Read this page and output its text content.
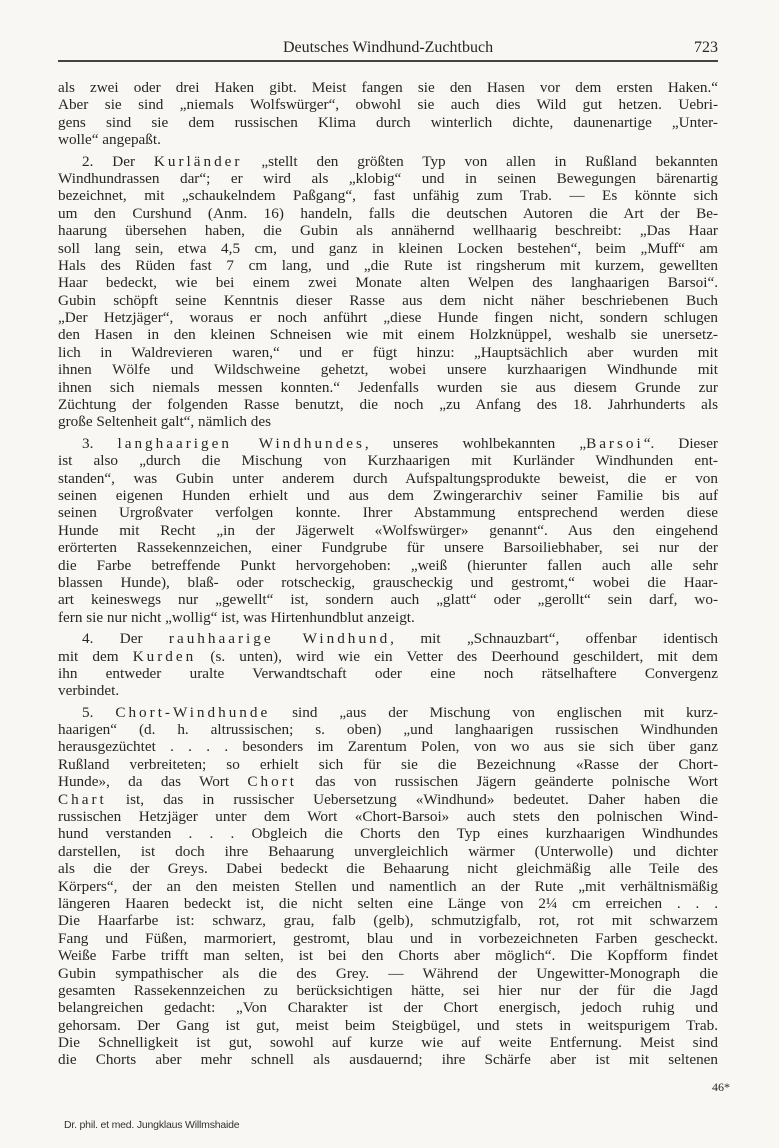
Deutsches Windhund-Zuchtbuch	723
als zwei oder drei Haken gibt. Meist fangen sie den Hasen vor dem ersten Haken.“
Aber sie sind „niemals Wolfswürger“, obwohl sie auch dies Wild gut hetzen. Uebri-
gens sind sie dem russischen Klima durch winterlich dichte, daunenartige „Unter-
wolle“ angepaßt.
2. Der Kurländer „stellt den größten Typ von allen in Rußland bekannten
Windhundrassen dar“; er wird als „klobig“ und in seinen Bewegungen bärenartig
bezeichnet, mit „schaukelndem Paßgang“, fast unfähig zum Trab. — Es könnte sich
um den Curshund (Anm. 16) handeln, falls die deutschen Autoren die Art der Be-
haarung übersehen haben, die Gubin als annähernd wellhaarig beschreibt: „Das Haar
soll lang sein, etwa 4,5 cm, und ganz in kleinen Locken bestehen“, beim „Muff“ am
Hals des Rüden fast 7 cm lang, und „die Rute ist ringsherum mit kurzem, gewellten
Haar bedeckt, wie bei einem zwei Monate alten Welpen des langhaarigen Barsoi“.
Gubin schöpft seine Kenntnis dieser Rasse aus dem nicht näher beschriebenen Buch
„Der Hetzjäger“, woraus er noch anführt „diese Hunde fingen nicht, sondern schlugen
den Hasen in den kleinen Schneisen wie mit einem Holzknüppel, weshalb sie unersetz-
lich in Waldrevieren waren,“ und er fügt hinzu: „Hauptsächlich aber wurden mit
ihnen Wölfe und Wildschweine gehetzt, wobei unsere kurzhaarigen Windhunde mit
ihnen sich niemals messen konnten.“ Jedenfalls wurden sie aus diesem Grunde zur
Züchtung der folgenden Rasse benutzt, die noch „zu Anfang des 18. Jahrhunderts als
große Seltenheit galt“, nämlich des
3. langhaarigen Windhundes, unseres wohlbekannten „Barsoi“. Dieser
ist also „durch die Mischung von Kurzhaarigen mit Kurländer Windhunden ent-
standen“, was Gubin unter anderem durch Aufspaltungsprodukte beweist, die er von
seinen eigenen Hunden erhielt und aus dem Zwingerarchiv seiner Familie bis auf
seinen Urgroßvater verfolgen konnte. Ihrer Abstammung entsprechend werden diese
Hunde mit Recht „in der Jägerwelt «Wolfswürger» genannt“. Aus den eingehend
erörterten Rassekennzeichen, einer Fundgrube für unsere Barsoiliebhaber, sei nur der
die Farbe betreffende Punkt hervorgehoben: „weiß (hierunter fallen auch alle sehr
blassen Hunde), blaß- oder rotscheckig, grauscheckig und gestromt,“ wobei die Haar-
art keineswegs nur „gewellt“ ist, sondern auch „glatt“ oder „gerollt“ sein darf, wo-
fern sie nur nicht „wollig“ ist, was Hirtenhundblut anzeigt.
4. Der rauhhaarige Windhund, mit „Schnauzbart“, offenbar identisch
mit dem Kurden (s. unten), wird wie ein Vetter des Deerhound geschildert, mit dem
ihn entweder uralte Verwandtschaft oder eine noch rätselhaftere Convergenz
verbindet.
5. Chort-Windhunde sind „aus der Mischung von englischen mit kurz-
haarigen“ (d. h. altrussischen; s. oben) „und langhaarigen russischen Windhunden
herausgezüchtet . . . . besonders im Zarentum Polen, von wo aus sie sich über ganz
Rußland verbreiteten; so erhielt sich für sie die Bezeichnung «Rasse der Chort-
Hunde», da das Wort Chort das von russischen Jägern geänderte polnische Wort
Chart ist, das in russischer Uebersetzung «Windhund» bedeutet. Daher haben die
russischen Hetzjäger unter dem Wort «Chort-Barsoi» auch stets den polnischen Wind-
hund verstanden . . . Obgleich die Chorts den Typ eines kurzhaarigen Windhundes
darstellen, ist doch ihre Behaarung unvergleichlich wärmer (Unterwolle) und dichter
als die der Greys. Dabei bedeckt die Behaarung nicht gleichmäßig alle Teile des
Körpers“, der an den meisten Stellen und namentlich an der Rute „mit verhältnismäßig
längeren Haaren bedeckt ist, die nicht selten eine Länge von 2¼ cm erreichen . . .
Die Haarfarbe ist: schwarz, grau, falb (gelb), schmutzigfalb, rot, rot mit schwarzem
Fang und Füßen, marmoriert, gestromt, blau und in vorbezeichneten Farben gescheckt.
Weiße Farbe trifft man selten, ist bei den Chorts aber möglich“. Die Kopfform findet
Gubin sympathischer als die des Grey. — Während der Ungewitter-Monograph die
gesamten Rassekennzeichen zu berücksichtigen hätte, sei hier nur der für die Jagd
belangreichen gedacht: „Von Charakter ist der Chort energisch, jedoch ruhig und
gehorsam. Der Gang ist gut, meist beim Steigbügel, und stets in weitspurigem Trab.
Die Schnelligkeit ist gut, sowohl auf kurze wie auf weite Entfernung. Meist sind
die Chorts aber mehr schnell als ausdauernd; ihre Schärfe aber ist mit seltenen
46*
Dr. phil. et med. Jungklaus Willmshaide
